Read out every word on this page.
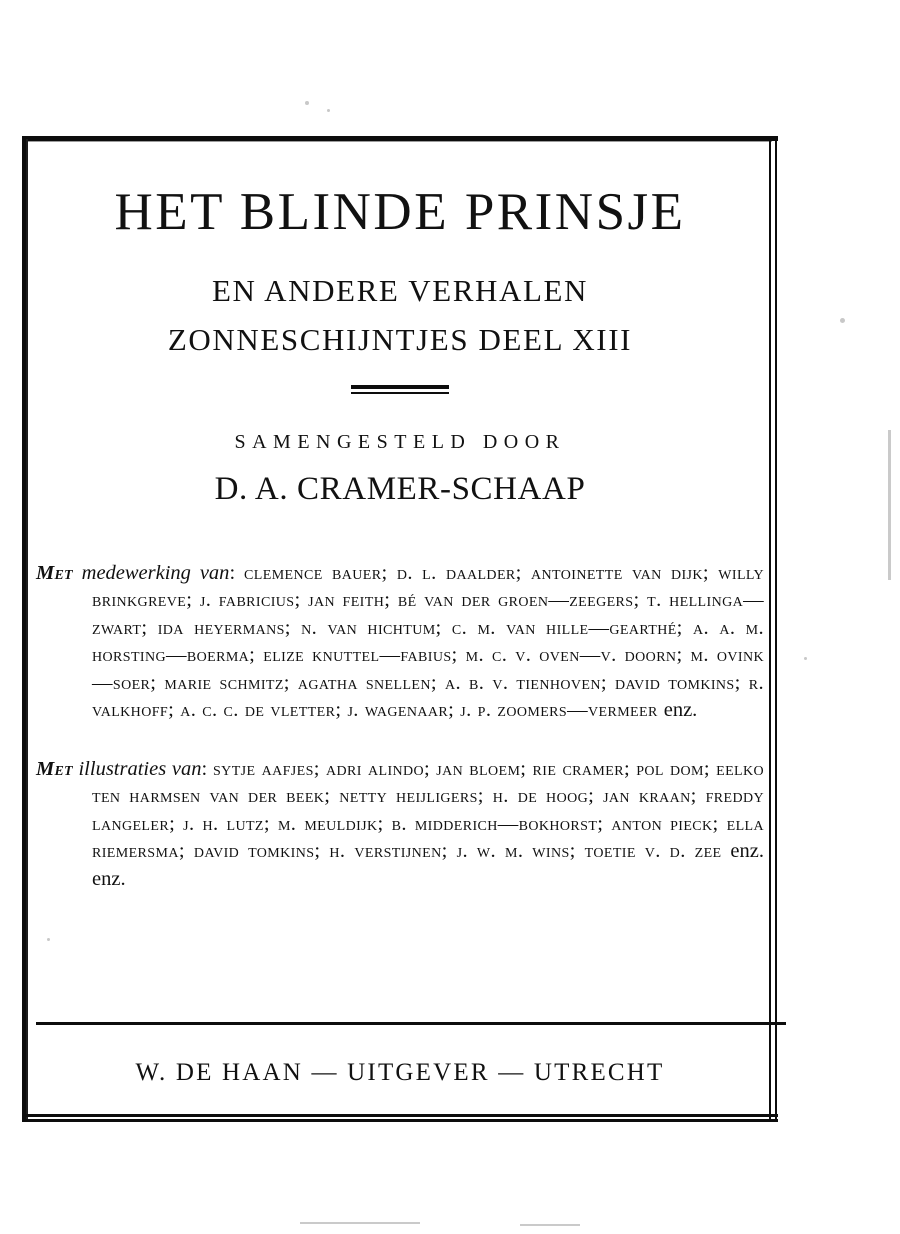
HET BLINDE PRINSJE
EN ANDERE VERHALEN
ZONNESCHIJNTJES DEEL XIII
SAMENGESTELD DOOR
D. A. CRAMER-SCHAAP

Met medewerking van: clemence bauer; d. l. daalder; antoinette van dijk; willy brinkgreve; j. fabricius; jan feith; bé van der groen—zeegers; t. hellinga—zwart; ida heyermans; n. van hichtum; c. m. van hille—gearthé; a. a. m. horsting—boerma; elize knuttel—fabius; m. c. v. oven—v. doorn; m. ovink—soer; marie schmitz; agatha snellen; a. b. v. tienhoven; david tomkins; r. valkhoff; a. c. c. de vletter; j. wagenaar; j. p. zoomers—vermeer enz.

Met illustraties van: sytje aafjes; adri alindo; jan bloem; rie cramer; pol dom; eelko ten harmsen van der beek; netty heijligers; h. de hoog; jan kraan; freddy langeler; j. h. lutz; m. meuldijk; b. midderich—bokhorst; anton pieck; ella riemersma; david tomkins; h. verstijnen; j. w. m. wins; toetie v. d. zee enz. enz.

W. DE HAAN — UITGEVER — UTRECHT
